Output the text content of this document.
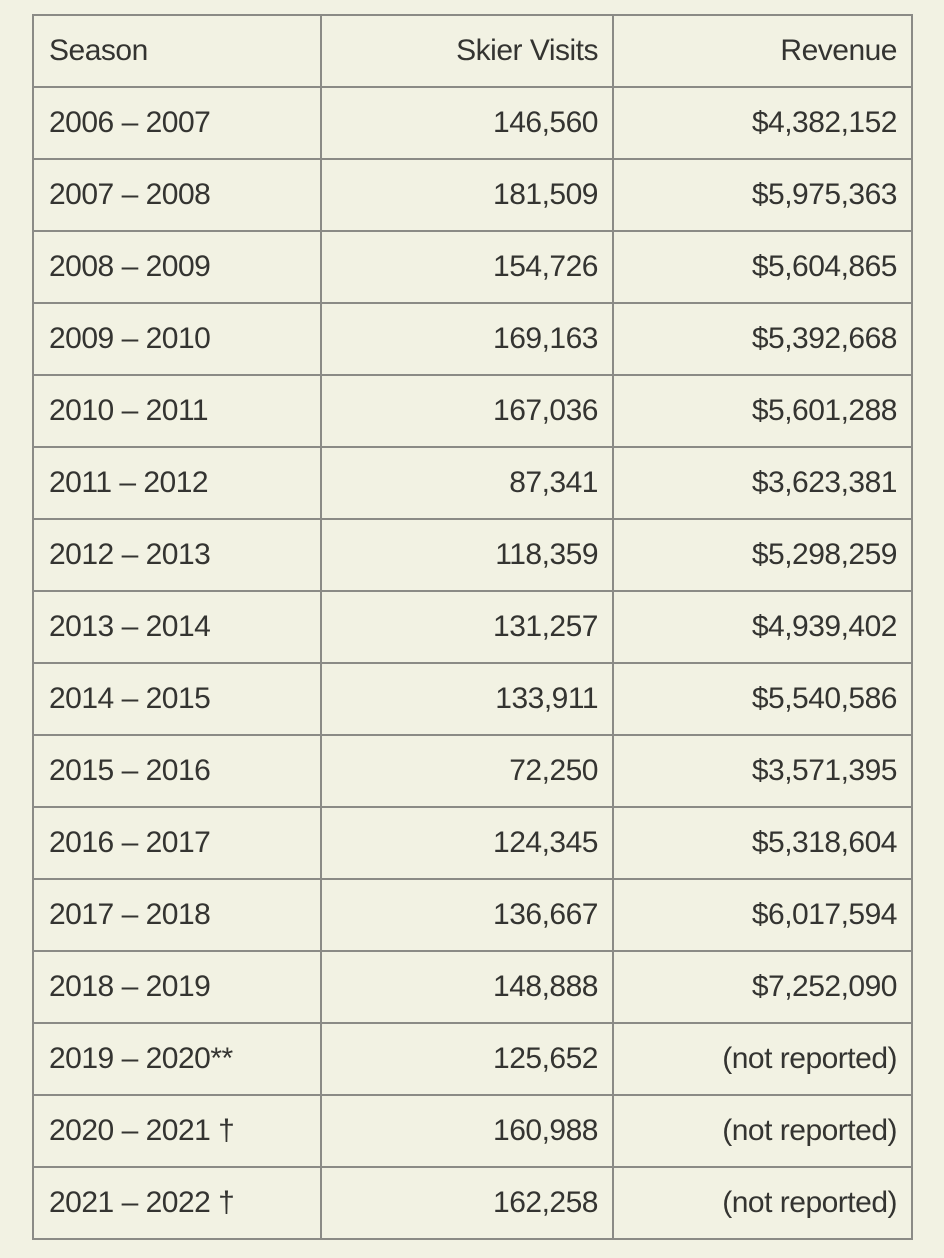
Season	Skier Visits	Revenue
2006 – 2007	146,560	$4,382,152
2007 – 2008	181,509	$5,975,363
2008 – 2009	154,726	$5,604,865
2009 – 2010	169,163	$5,392,668
2010 – 2011	167,036	$5,601,288
2011 – 2012	87,341	$3,623,381
2012 – 2013	118,359	$5,298,259
2013 – 2014	131,257	$4,939,402
2014 – 2015	133,911	$5,540,586
2015 – 2016	72,250	$3,571,395
2016 – 2017	124,345	$5,318,604
2017 – 2018	136,667	$6,017,594
2018 – 2019	148,888	$7,252,090
2019 – 2020**	125,652	(not reported)
2020 – 2021 †	160,988	(not reported)
2021 – 2022 †	162,258	(not reported)
